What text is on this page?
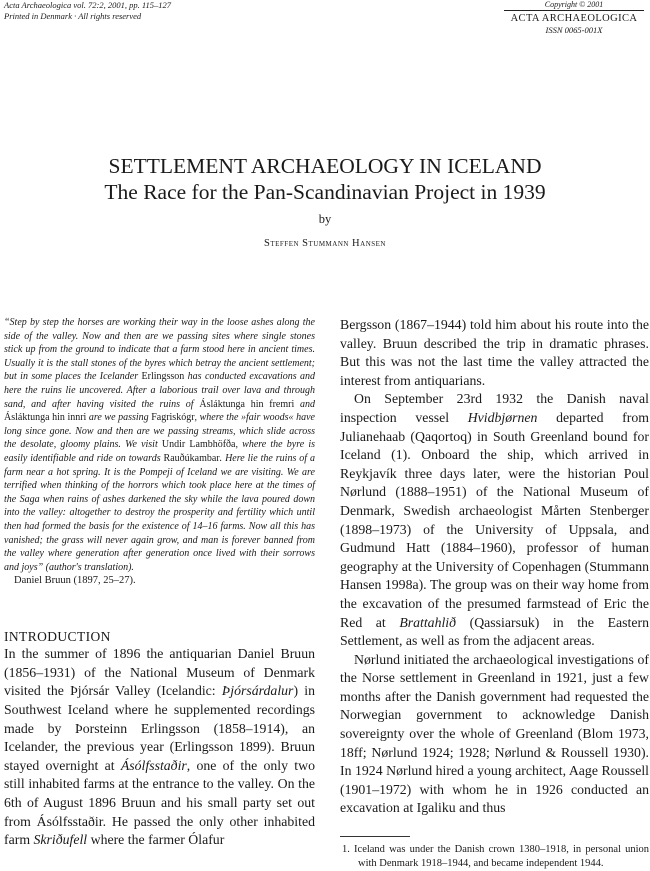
Acta Archaeologica vol. 72:2, 2001, pp. 115–127
Printed in Denmark · All rights reserved
Copyright © 2001
ACTA ARCHAEOLOGICA
ISSN 0065-001X
SETTLEMENT ARCHAEOLOGY IN ICELAND
The Race for the Pan-Scandinavian Project in 1939
by
Steffen Stummann Hansen

“Step by step the horses are working their way in the loose ashes along the side of the valley. Now and then are we passing sites where single stones stick up from the ground to indicate that a farm stood here in ancient times. Usually it is the stall stones of the byres which betray the ancient settlement; but in some places the Icelander Erlingsson has conducted excavations and here the ruins lie uncovered. After a laborious trail over lava and through sand, and after having visited the ruins of Ásláktunga hin fremri and Ásláktunga hin innri are we passing Fagriskógr, where the »fair woods« have long since gone. Now and then are we passing streams, which slide across the desolate, gloomy plains. We visit Undir Lambhöfða, where the byre is easily identifiable and ride on towards Rauðúkambar. Here lie the ruins of a farm near a hot spring. It is the Pompeji of Iceland we are visiting. We are terrified when thinking of the horrors which took place here at the times of the Saga when rains of ashes darkened the sky while the lava poured down into the valley: altogether to destroy the prosperity and fertility which until then had formed the basis for the existence of 14–16 farms. Now all this has vanished; the grass will never again grow, and man is forever banned from the valley where generation after generation once lived with their sorrows and joys” (author's translation).

Daniel Bruun (1897, 25–27).

INTRODUCTION

In the summer of 1896 the antiquarian Daniel Bruun (1856–1931) of the National Museum of Denmark visited the Þjórsár Valley (Icelandic: Þjórsárdalur) in Southwest Iceland where he supplemented recordings made by Þorsteinn Erlingsson (1858–1914), an Icelander, the previous year (Erlingsson 1899). Bruun stayed overnight at Ásólfsstaðir, one of the only two still inhabited farms at the entrance to the valley. On the 6th of August 1896 Bruun and his small party set out from Ásólfsstaðir. He passed the only other inhabited farm Skriðufell where the farmer Ólafur

Bergsson (1867–1944) told him about his route into the valley. Bruun described the trip in dramatic phrases. But this was not the last time the valley attracted the interest from antiquarians.

On September 23rd 1932 the Danish naval inspection vessel Hvidbjørnen departed from Julianehaab (Qaqortoq) in South Greenland bound for Iceland (1). Onboard the ship, which arrived in Reykjavík three days later, were the historian Poul Nørlund (1888–1951) of the National Museum of Denmark, Swedish archaeologist Mårten Stenberger (1898–1973) of the University of Uppsala, and Gudmund Hatt (1884–1960), professor of human geography at the University of Copenhagen (Stummann Hansen 1998a). The group was on their way home from the excavation of the presumed farmstead of Eric the Red at Brattahlið (Qassiarsuk) in the Eastern Settlement, as well as from the adjacent areas.

Nørlund initiated the archaeological investigations of the Norse settlement in Greenland in 1921, just a few months after the Danish government had requested the Norwegian government to acknowledge Danish sovereignty over the whole of Greenland (Blom 1973, 18ff; Nørlund 1924; 1928; Nørlund & Roussell 1930). In 1924 Nørlund hired a young architect, Aage Roussell (1901–1972) with whom he in 1926 conducted an excavation at Igaliku and thus

1. Iceland was under the Danish crown 1380–1918, in personal union with Denmark 1918–1944, and became independent 1944.
